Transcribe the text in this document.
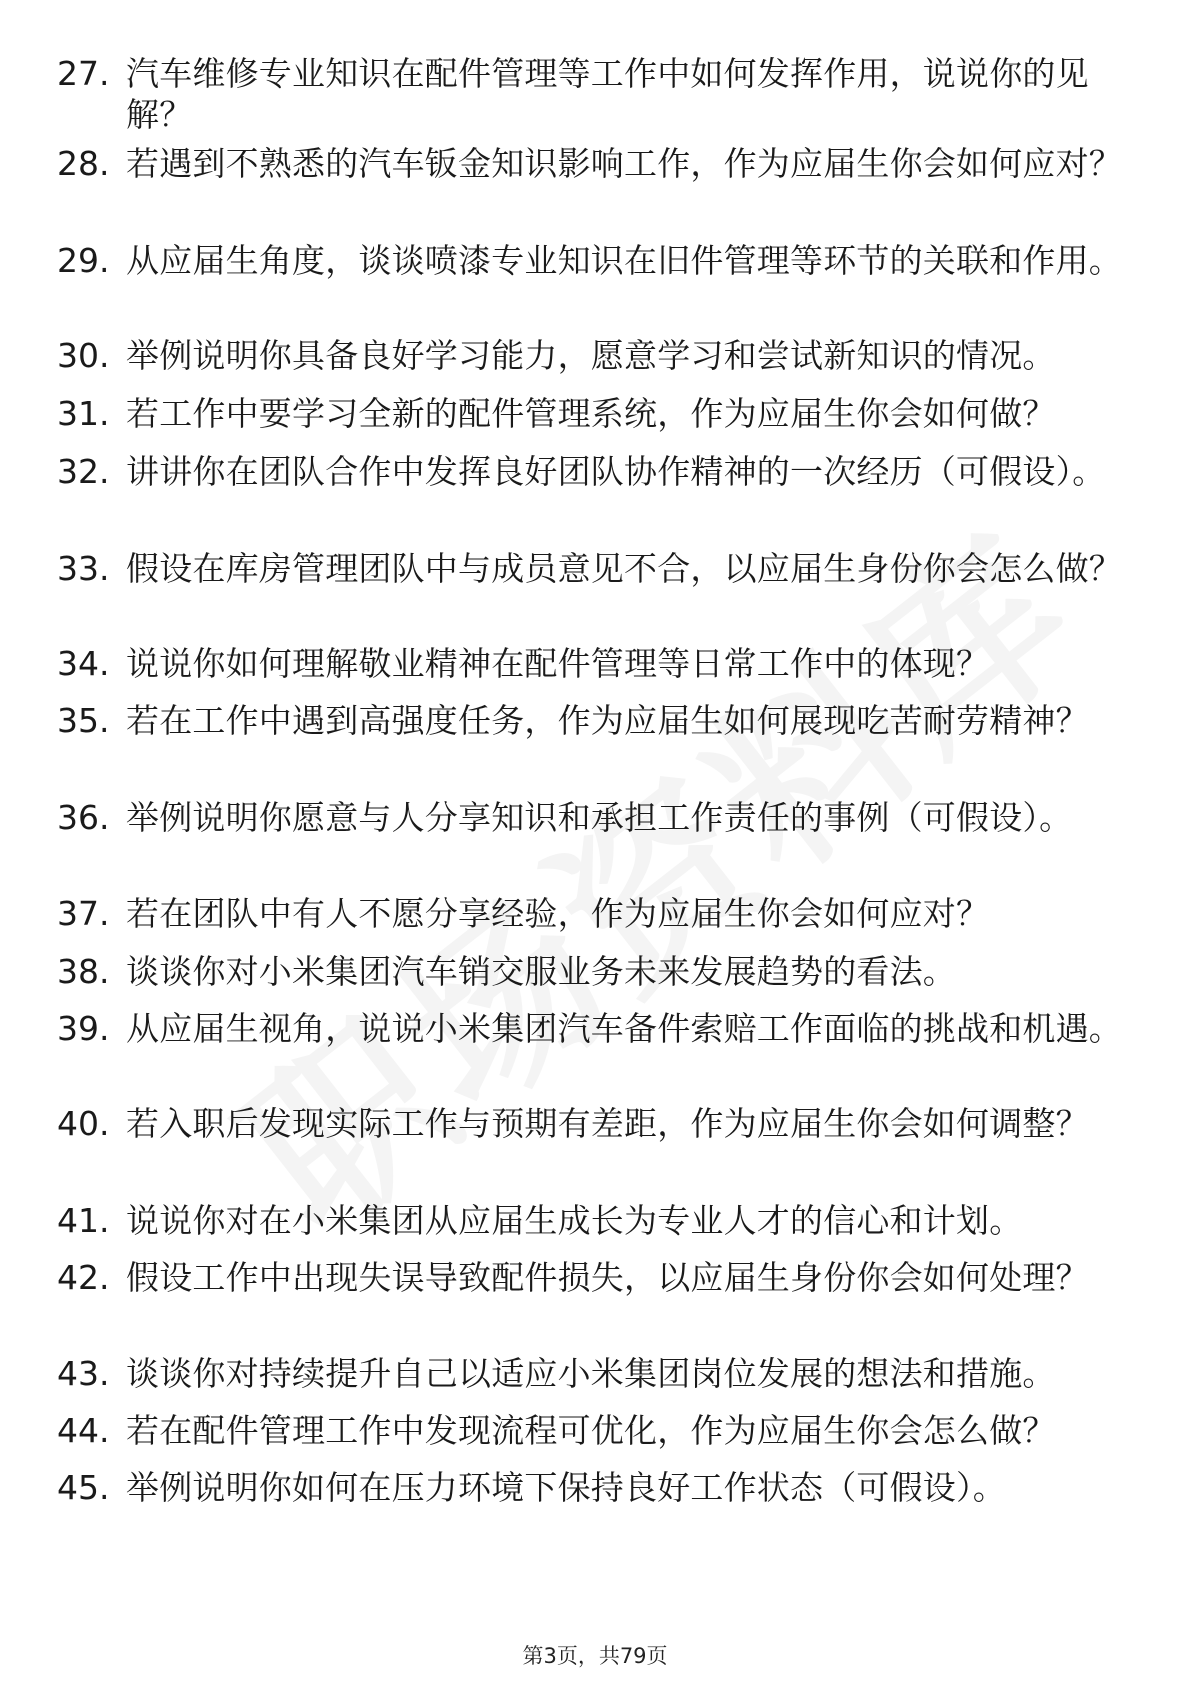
27. 汽车维修专业知识在配件管理等工作中如何发挥作用，说说你的见解？
28. 若遇到不熟悉的汽车钣金知识影响工作，作为应届生你会如何应对？
29. 从应届生角度，谈谈喷漆专业知识在旧件管理等环节的关联和作用。
30. 举例说明你具备良好学习能力，愿意学习和尝试新知识的情况。
31. 若工作中要学习全新的配件管理系统，作为应届生你会如何做？
32. 讲讲你在团队合作中发挥良好团队协作精神的一次经历（可假设）。
33. 假设在库房管理团队中与成员意见不合，以应届生身份你会怎么做？
34. 说说你如何理解敬业精神在配件管理等日常工作中的体现？
35. 若在工作中遇到高强度任务，作为应届生如何展现吃苦耐劳精神？
36. 举例说明你愿意与人分享知识和承担工作责任的事例（可假设）。
37. 若在团队中有人不愿分享经验，作为应届生你会如何应对？
38. 谈谈你对小米集团汽车销交服业务未来发展趋势的看法。
39. 从应届生视角，说说小米集团汽车备件索赔工作面临的挑战和机遇。
40. 若入职后发现实际工作与预期有差距，作为应届生你会如何调整？
41. 说说你对在小米集团从应届生成长为专业人才的信心和计划。
42. 假设工作中出现失误导致配件损失，以应届生身份你会如何处理？
43. 谈谈你对持续提升自己以适应小米集团岗位发展的想法和措施。
44. 若在配件管理工作中发现流程可优化，作为应届生你会怎么做？
45. 举例说明你如何在压力环境下保持良好工作状态（可假设）。
第3页，共79页
